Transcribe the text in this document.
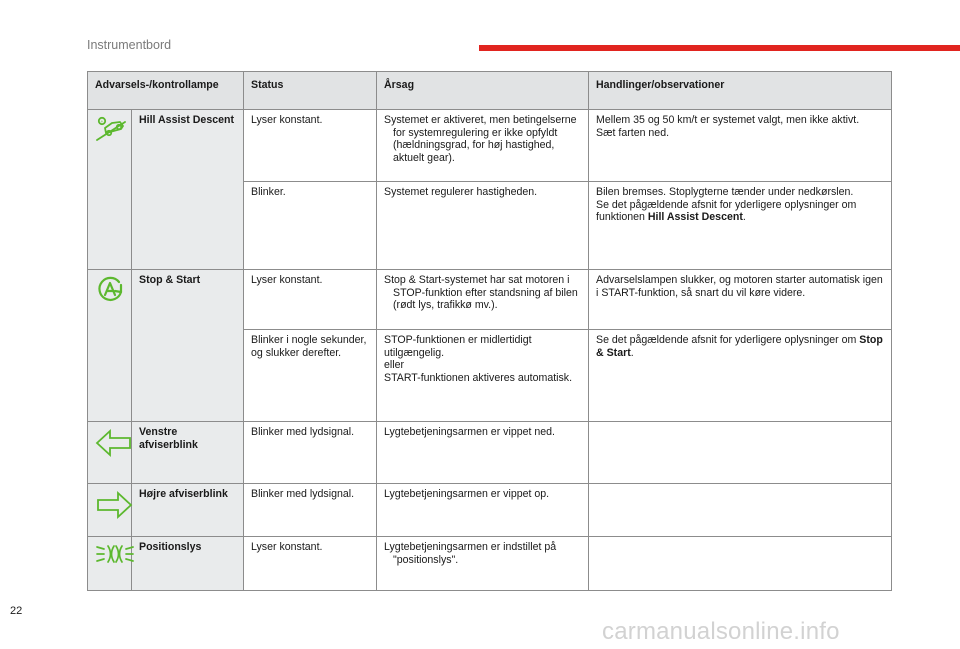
Instrumentbord
Advarsels-/kontrollampe		Status	Årsag	Handlinger/observationer

+	Hill Assist Descent	Lyser konstant.	Systemet er aktiveret, men betingelserne for systemregulering er ikke opfyldt (hældningsgrad, for høj hastighed, aktuelt gear).	Mellem 35 og 50 km/t er systemet valgt, men ikke aktivt.
Sæt farten ned.

		Blinker.	Systemet regulerer hastigheden.	Bilen bremses. Stoplygterne tænder under nedkørslen.
Se det pågældende afsnit for yderligere oplysninger om funktionen Hill Assist Descent.

	Stop & Start	Lyser konstant.	Stop & Start-systemet har sat motoren i STOP-funktion efter standsning af bilen (rødt lys, trafikkø mv.).	Advarselslampen slukker, og motoren starter automatisk igen i START-funktion, så snart du vil køre videre.

		Blinker i nogle sekunder, og slukker derefter.	STOP-funktionen er midlertidigt utilgængelig.
eller
START-funktionen aktiveres automatisk.	Se det pågældende afsnit for yderligere oplysninger om Stop & Start.

	Venstre afviserblink	Blinker med lydsignal.	Lygtebetjeningsarmen er vippet ned.	

	Højre afviserblink	Blinker med lydsignal.	Lygtebetjeningsarmen er vippet op.	

	Positionslys	Lyser konstant.	Lygtebetjeningsarmen er indstillet på "positionslys".	

22
carmanualsonline.info
